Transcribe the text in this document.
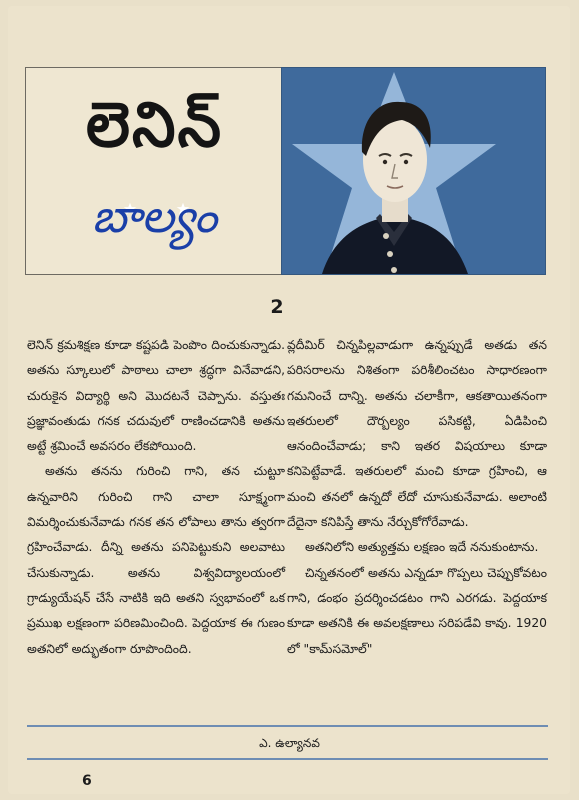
లెనిన్
బాల్యం
2

లెనిన్ క్రమశిక్షణ కూడా కష్టపడి పెంపొం దించుకున్నాడు. అతను స్కూలులో పాఠాలు చాలా శ్రద్ధగా వినేవాడని, చురుకైన విద్యార్థి అని మొదటనే చెప్పాను. వస్తుతః ప్రజ్ఞావంతుడు గనక చదువులో రాణించడానికి అతను అట్టే శ్రమించే అవసరం లేకపోయింది.

అతను తనను గురించి గాని, తన చుట్టూ ఉన్నవారిని గురించి గాని చాలా సూక్ష్మంగా విమర్శించుకునేవాడు గనక తన లోపాలు తాను త్వరగా గ్రహించేవాడు. దీన్ని అతను పనిపెట్టుకుని అలవాటు చేసుకున్నాడు. అతను విశ్వవిద్యాలయంలో గ్రాడ్యుయేషన్ చేసే నాటికి ఇది అతని స్వభావంలో ఒక ప్రముఖ లక్షణంగా పరిణమించింది. పెద్దయాక ఈ గుణం అతనిలో అద్భుతంగా రూపొందింది.

వ్లదీమిర్ చిన్నపిల్లవాడుగా ఉన్నప్పుడే అతడు తన పరిసరాలను నిశితంగా పరిశీలించటం సాధారణంగా గమనించే దాన్ని. అతను చలాకీగా, ఆకతాయితనంగా ఇతరులలో దౌర్బల్యం పసికట్టి, ఏడిపించి ఆనందించేవాడు; కాని ఇతర విషయాలు కూడా కనిపెట్టేవాడే. ఇతరులలో మంచి కూడా గ్రహించి, ఆ మంచి తనలో ఉన్నదో లేదో చూసుకునేవాడు. అలాంటి దేదైనా కనిపిస్తే తాను నేర్చుకోగోరేవాడు.

అతనిలోని అత్యుత్తమ లక్షణం ఇదే ననుకుంటాను.

చిన్నతనంలో అతను ఎన్నడూ గొప్పలు చెప్పుకోవటం గాని, డంభం ప్రదర్శించడటం గాని ఎరగడు. పెద్దయాక కూడా అతనికి ఈ అవలక్షణాలు సరిపడేవి కావు. 1920 లో "కామ్‌సమోల్"

ఎ. ఉల్యానవ
6
